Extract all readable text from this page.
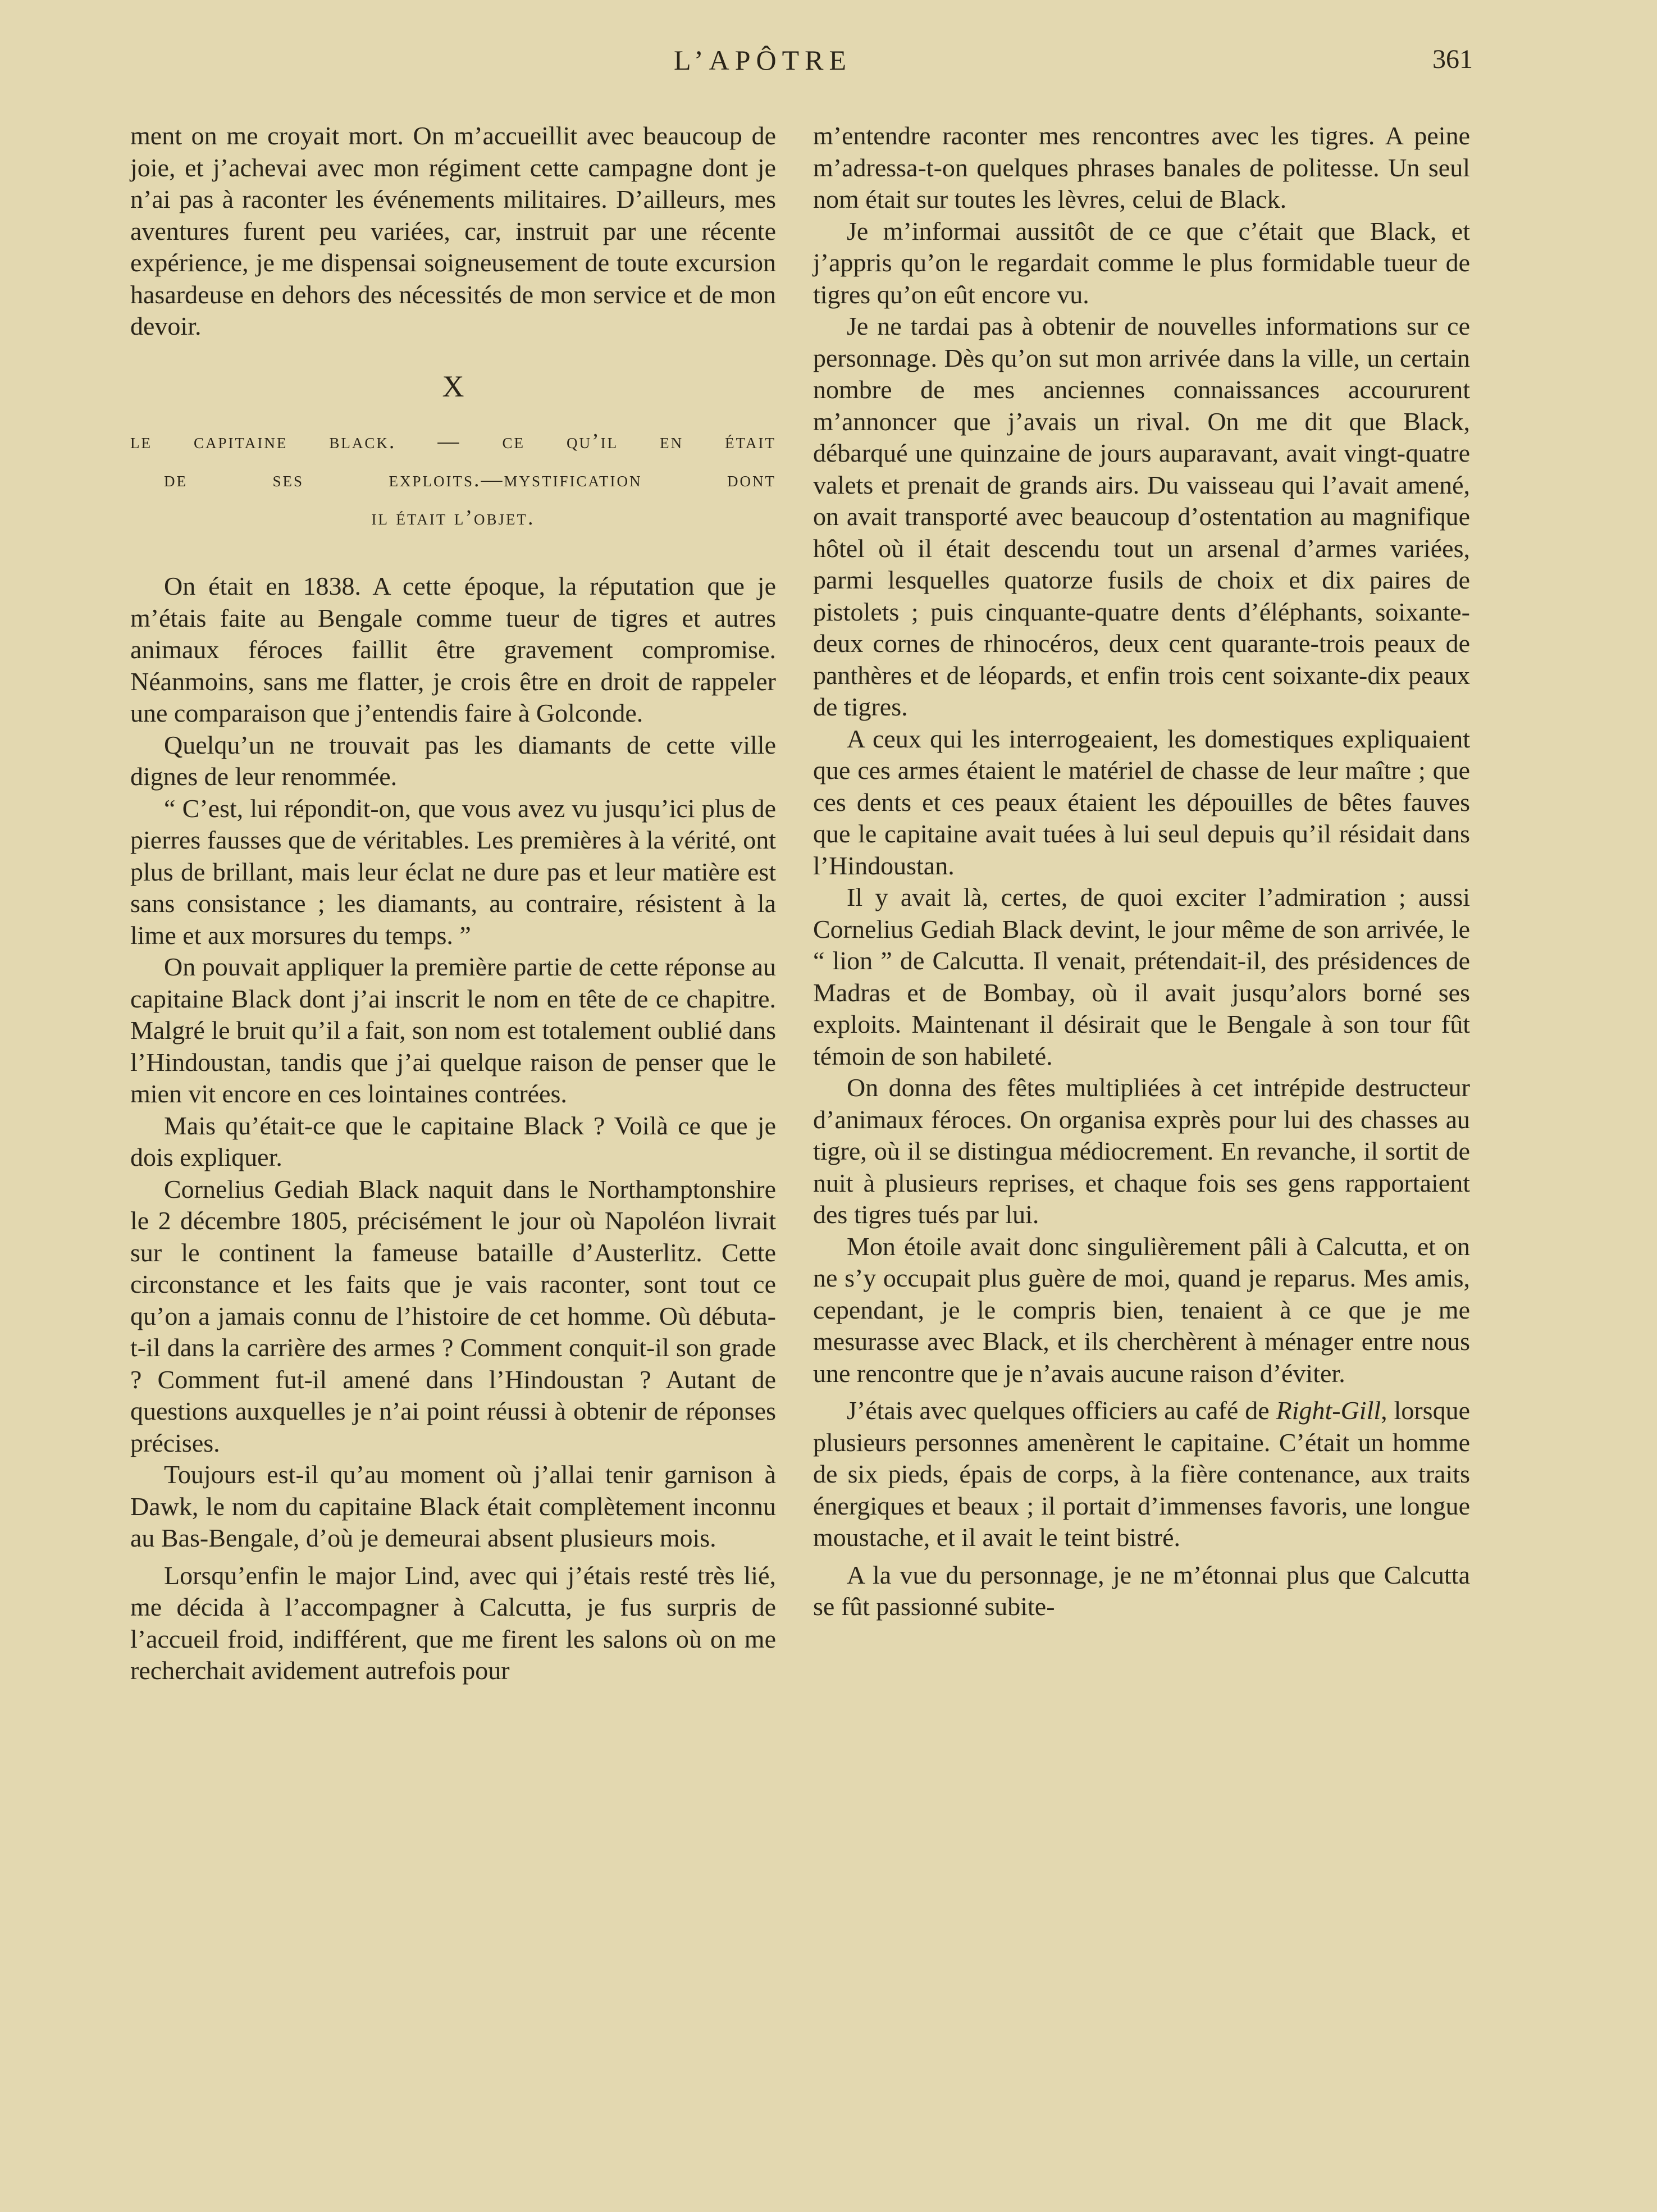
L’APÔTRE	361

ment on me croyait mort. On m’accueillit avec beaucoup de joie, et j’achevai avec mon régiment cette campagne dont je n’ai pas à raconter les événements militaires. D’ailleurs, mes aventures furent peu variées, car, instruit par une récente expérience, je me dispensai soigneusement de toute excursion hasardeuse en dehors des nécessités de mon service et de mon devoir.

X
le capitaine black. — ce qu’il en était
de ses exploits.—mystification dont
il était l’objet.

On était en 1838. A cette époque, la réputation que je m’étais faite au Bengale comme tueur de tigres et autres animaux féroces faillit être gravement compromise. Néanmoins, sans me flatter, je crois être en droit de rappeler une comparaison que j’entendis faire à Golconde.

Quelqu’un ne trouvait pas les diamants de cette ville dignes de leur renommée.

“ C’est, lui répondit-on, que vous avez vu jusqu’ici plus de pierres fausses que de véritables. Les premières à la vérité, ont plus de brillant, mais leur éclat ne dure pas et leur matière est sans consistance ; les diamants, au contraire, résistent à la lime et aux morsures du temps. ”

On pouvait appliquer la première partie de cette réponse au capitaine Black dont j’ai inscrit le nom en tête de ce chapitre. Malgré le bruit qu’il a fait, son nom est totalement oublié dans l’Hindoustan, tandis que j’ai quelque raison de penser que le mien vit encore en ces lointaines contrées.

Mais qu’était-ce que le capitaine Black ? Voilà ce que je dois expliquer.

Cornelius Gediah Black naquit dans le Northamptonshire le 2 décembre 1805, précisément le jour où Napoléon livrait sur le continent la fameuse bataille d’Austerlitz. Cette circonstance et les faits que je vais raconter, sont tout ce qu’on a jamais connu de l’histoire de cet homme. Où débuta-t-il dans la carrière des armes ? Comment conquit-il son grade ? Comment fut-il amené dans l’Hindoustan ? Autant de questions auxquelles je n’ai point réussi à obtenir de réponses précises.

Toujours est-il qu’au moment où j’allai tenir garnison à Dawk, le nom du capitaine Black était complètement inconnu au Bas-Bengale, d’où je demeurai absent plusieurs mois.

Lorsqu’enfin le major Lind, avec qui j’étais resté très lié, me décida à l’accompagner à Calcutta, je fus surpris de l’accueil froid, indifférent, que me firent les salons où on me recherchait avidement autrefois pour

m’entendre raconter mes rencontres avec les tigres. A peine m’adressa-t-on quelques phrases banales de politesse. Un seul nom était sur toutes les lèvres, celui de Black.

Je m’informai aussitôt de ce que c’était que Black, et j’appris qu’on le regardait comme le plus formidable tueur de tigres qu’on eût encore vu.

Je ne tardai pas à obtenir de nouvelles informations sur ce personnage. Dès qu’on sut mon arrivée dans la ville, un certain nombre de mes anciennes connaissances accoururent m’annoncer que j’avais un rival. On me dit que Black, débarqué une quinzaine de jours auparavant, avait vingt-quatre valets et prenait de grands airs. Du vaisseau qui l’avait amené, on avait transporté avec beaucoup d’ostentation au magnifique hôtel où il était descendu tout un arsenal d’armes variées, parmi lesquelles quatorze fusils de choix et dix paires de pistolets ; puis cinquante-quatre dents d’éléphants, soixante-deux cornes de rhinocéros, deux cent quarante-trois peaux de panthères et de léopards, et enfin trois cent soixante-dix peaux de tigres.

A ceux qui les interrogeaient, les domestiques expliquaient que ces armes étaient le matériel de chasse de leur maître ; que ces dents et ces peaux étaient les dépouilles de bêtes fauves que le capitaine avait tuées à lui seul depuis qu’il résidait dans l’Hindoustan.

Il y avait là, certes, de quoi exciter l’admiration ; aussi Cornelius Gediah Black devint, le jour même de son arrivée, le “ lion ” de Calcutta. Il venait, prétendait-il, des présidences de Madras et de Bombay, où il avait jusqu’alors borné ses exploits. Maintenant il désirait que le Bengale à son tour fût témoin de son habileté.

On donna des fêtes multipliées à cet intrépide destructeur d’animaux féroces. On organisa exprès pour lui des chasses au tigre, où il se distingua médiocrement. En revanche, il sortit de nuit à plusieurs reprises, et chaque fois ses gens rapportaient des tigres tués par lui.

Mon étoile avait donc singulièrement pâli à Calcutta, et on ne s’y occupait plus guère de moi, quand je reparus. Mes amis, cependant, je le compris bien, tenaient à ce que je me mesurasse avec Black, et ils cherchèrent à ménager entre nous une rencontre que je n’avais aucune raison d’éviter.

J’étais avec quelques officiers au café de Right-Gill, lorsque plusieurs personnes amenèrent le capitaine. C’était un homme de six pieds, épais de corps, à la fière contenance, aux traits énergiques et beaux ; il portait d’immenses favoris, une longue moustache, et il avait le teint bistré.

A la vue du personnage, je ne m’étonnai plus que Calcutta se fût passionné subite-
